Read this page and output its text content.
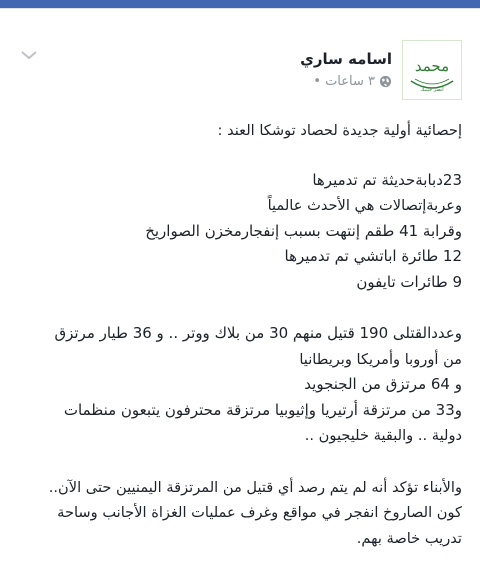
محمد
انصر حبيبك
اسامه ساري
٣ ساعات
•
إحصائية أولية جديدة لحصاد توشكا العند :
23دبابةحديثة تم تدميرها
وعربةإتصالات هي الأحدث عالمياً
وقرابة 41 طقم إنتهت بسبب إنفجارمخزن الصواريخ
12 طائرة اباتشي تم تدميرها
9 طائرات تايفون
وعددالقتلى 190 قتيل منهم 30 من بلاك ووتر .. و 36 طيار مرتزق
من أوروبا وأمريكا وبريطانيا
و 64 مرتزق من الجنجويد
و33 من مرتزقة أرتيريا وإثيوبيا مرتزقة محترفون يتبعون منظمات
دولية .. والبقية خليجيون ..
والأبناء تؤكد أنه لم يتم رصد أي قتيل من المرتزقة اليمنيين حتى الآن..
كون الصاروخ انفجر في مواقع وغرف عمليات الغزاة الأجانب وساحة
تدريب خاصة بهم.
